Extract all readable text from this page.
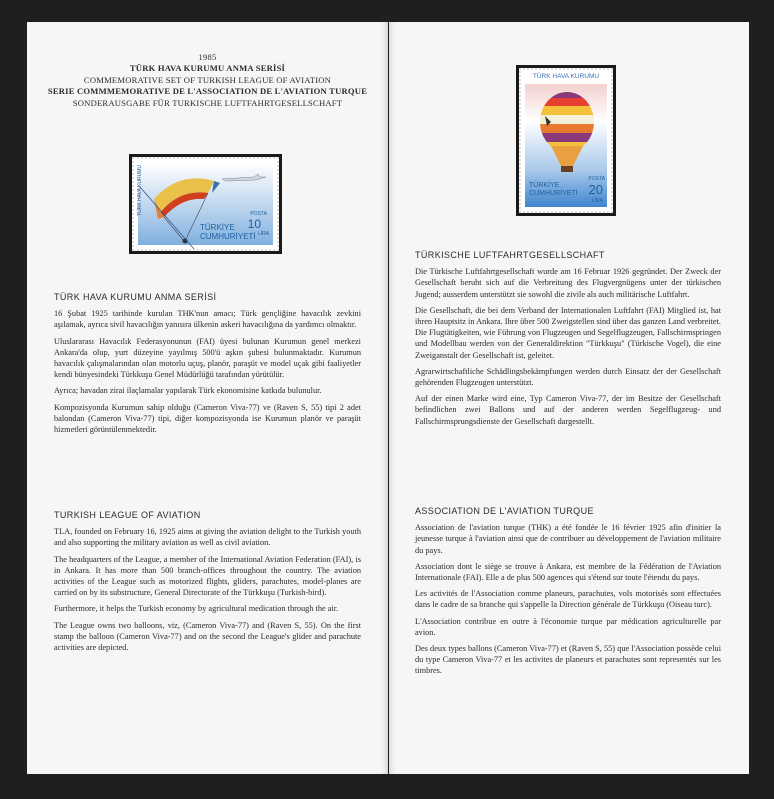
1985
TÜRK HAVA KURUMU ANMA SERİSİ
COMMEMORATIVE SET OF TURKISH LEAGUE OF AVIATION
SERIE COMMMEMORATIVE DE L'ASSOCIATION DE L'AVIATION TURQUE
SONDERAUSGABE FÜR TURKISCHE LUFTFAHRTGESELLSCHAFT
TÜRK HAVA KURUMU
TÜRKİYE CUMHURİYETİ
POSTA
10
LİRA
TÜRK HAVA KURUMU ANMA SERİSİ

16 Şubat 1925 tarihinde kurulan THK'nun amacı; Türk gençliğine havacılık zevkini aşılamak, ayrıca sivil havacılığın yanısıra ülkenin askeri havacılığına da yardımcı olmaktır.

Uluslararası Havacılık Federasyonunun (FAI) üyesi bulunan Kurumun genel merkezi Ankara'da olup, yurt düzeyine yayılmış 500'ü aşkın şubesi bulunmaktadır. Kurumun havacılık çalışmalarından olan motorlu uçuş, planör, paraşüt ve model uçak gibi faaliyetler kendi bünyesindeki Türkkuşu Genel Müdürlüğü tarafından yürütülür.

Ayrıca; havadan zirai ilaçlamalar yapılarak Türk ekonomisine katkıda bulunulur.

Kompozisyonda Kurumun sahip olduğu (Cameron Viva-77) ve (Raven S, 55) tipi 2 adet balondan (Cameron Viva-77) tipi, diğer kompozisyonda ise Kurumun planör ve paraşüt hizmetleri görüntülenmektedir.

TURKISH LEAGUE OF AVIATION

TLA, founded on February 16, 1925 aims at giving the aviation delight to the Turkish youth and also supporting the military aviation as well as civil aviation.

The headquarters of the League, a member of the International Aviation Federation (FAI), is in Ankara. It has more than 500 branch-offices throughout the country. The aviation activities of the League such as motorized flights, gliders, parachutes, model-planes are carried on by its substructure, General Directorate of the Türkkuşu (Turkish-bird).

Furthermore, it helps the Turkish economy by agricultural medication through the air.

The League owns two balloons, viz, (Cameron Viva-77) and (Raven S, 55). On the first stamp the balloon (Cameron Viva-77) and on the second the League's glider and parachute activities are depicted.

TÜRK HAVA KURUMU
TÜRKİYE
CUMHURİYETİ
POSTA
20
LİRA
TÜRKISCHE LUFTFAHRTGESELLSCHAFT

Die Türkische Luftfahrtgesellschaft wurde am 16 Februar 1926 gegründet. Der Zweck der Gesellschaft beruht sich auf die Verbreitung des Flugvergnügens unter der türkischen Jugend; ausserdem unterstützt sie sowohl die zivile als auch militärische Luftfahrt.

Die Gesellschaft, die bei dem Verband der Internationalen Luftfahrt (FAI) Mitglied ist, hat ihren Hauptsitz in Ankara. Ihre über 500 Zweigstellen sind über das ganzen Land verbreitet. Die Flugtätigkeiten, wie Führung von Flugzeugen und Segelflugzeugen, Fallschirmspringen und Modellbau werden von der Generaldirektion "Türkkuşu" (Türkische Vogel), die eine Zweiganstalt der Gesellschaft ist, geleitet.

Agrarwirtschaftliche Schädlingsbekämpfungen werden durch Einsatz der der Gesellschaft gehörenden Flugzeugen unterstützt.

Auf der einen Marke wird eine, Typ Cameron Viva-77, der im Besitze der Gesellschaft befindlichen zwei Ballons und auf der anderen werden Segelflugzeug- und Fallschirmsprungsdienste der Gesellschaft dargestellt.

ASSOCIATION DE L'AVIATION TURQUE

Association de l'aviation turque (THK) a été fondée le 16 février 1925 afin d'initier la jeunesse turque à l'aviation ainsi que de contribuer au développement de l'aviation militaire du pays.

Association dont le siège se trouve à Ankara, est membre de la Fédération de l'Aviation Internationale (FAI). Elle a de plus 500 agences qui s'étend sur toute l'étendu du pays.

Les activités de l'Association comme planeurs, parachutes, vols motorisés sont effectuées dans le cadre de sa branche qui s'appelle la Direction générale de Türkkuşu (Oiseau turc).

L'Association contribue en outre à l'économie turque par médication agriculturelle par avion.

Des deux types ballons (Cameron Viva-77) et (Raven S, 55) que l'Association possède celui du type Cameron Viva-77 et les activites de planeurs et parachutes sont representés sur les timbres.
